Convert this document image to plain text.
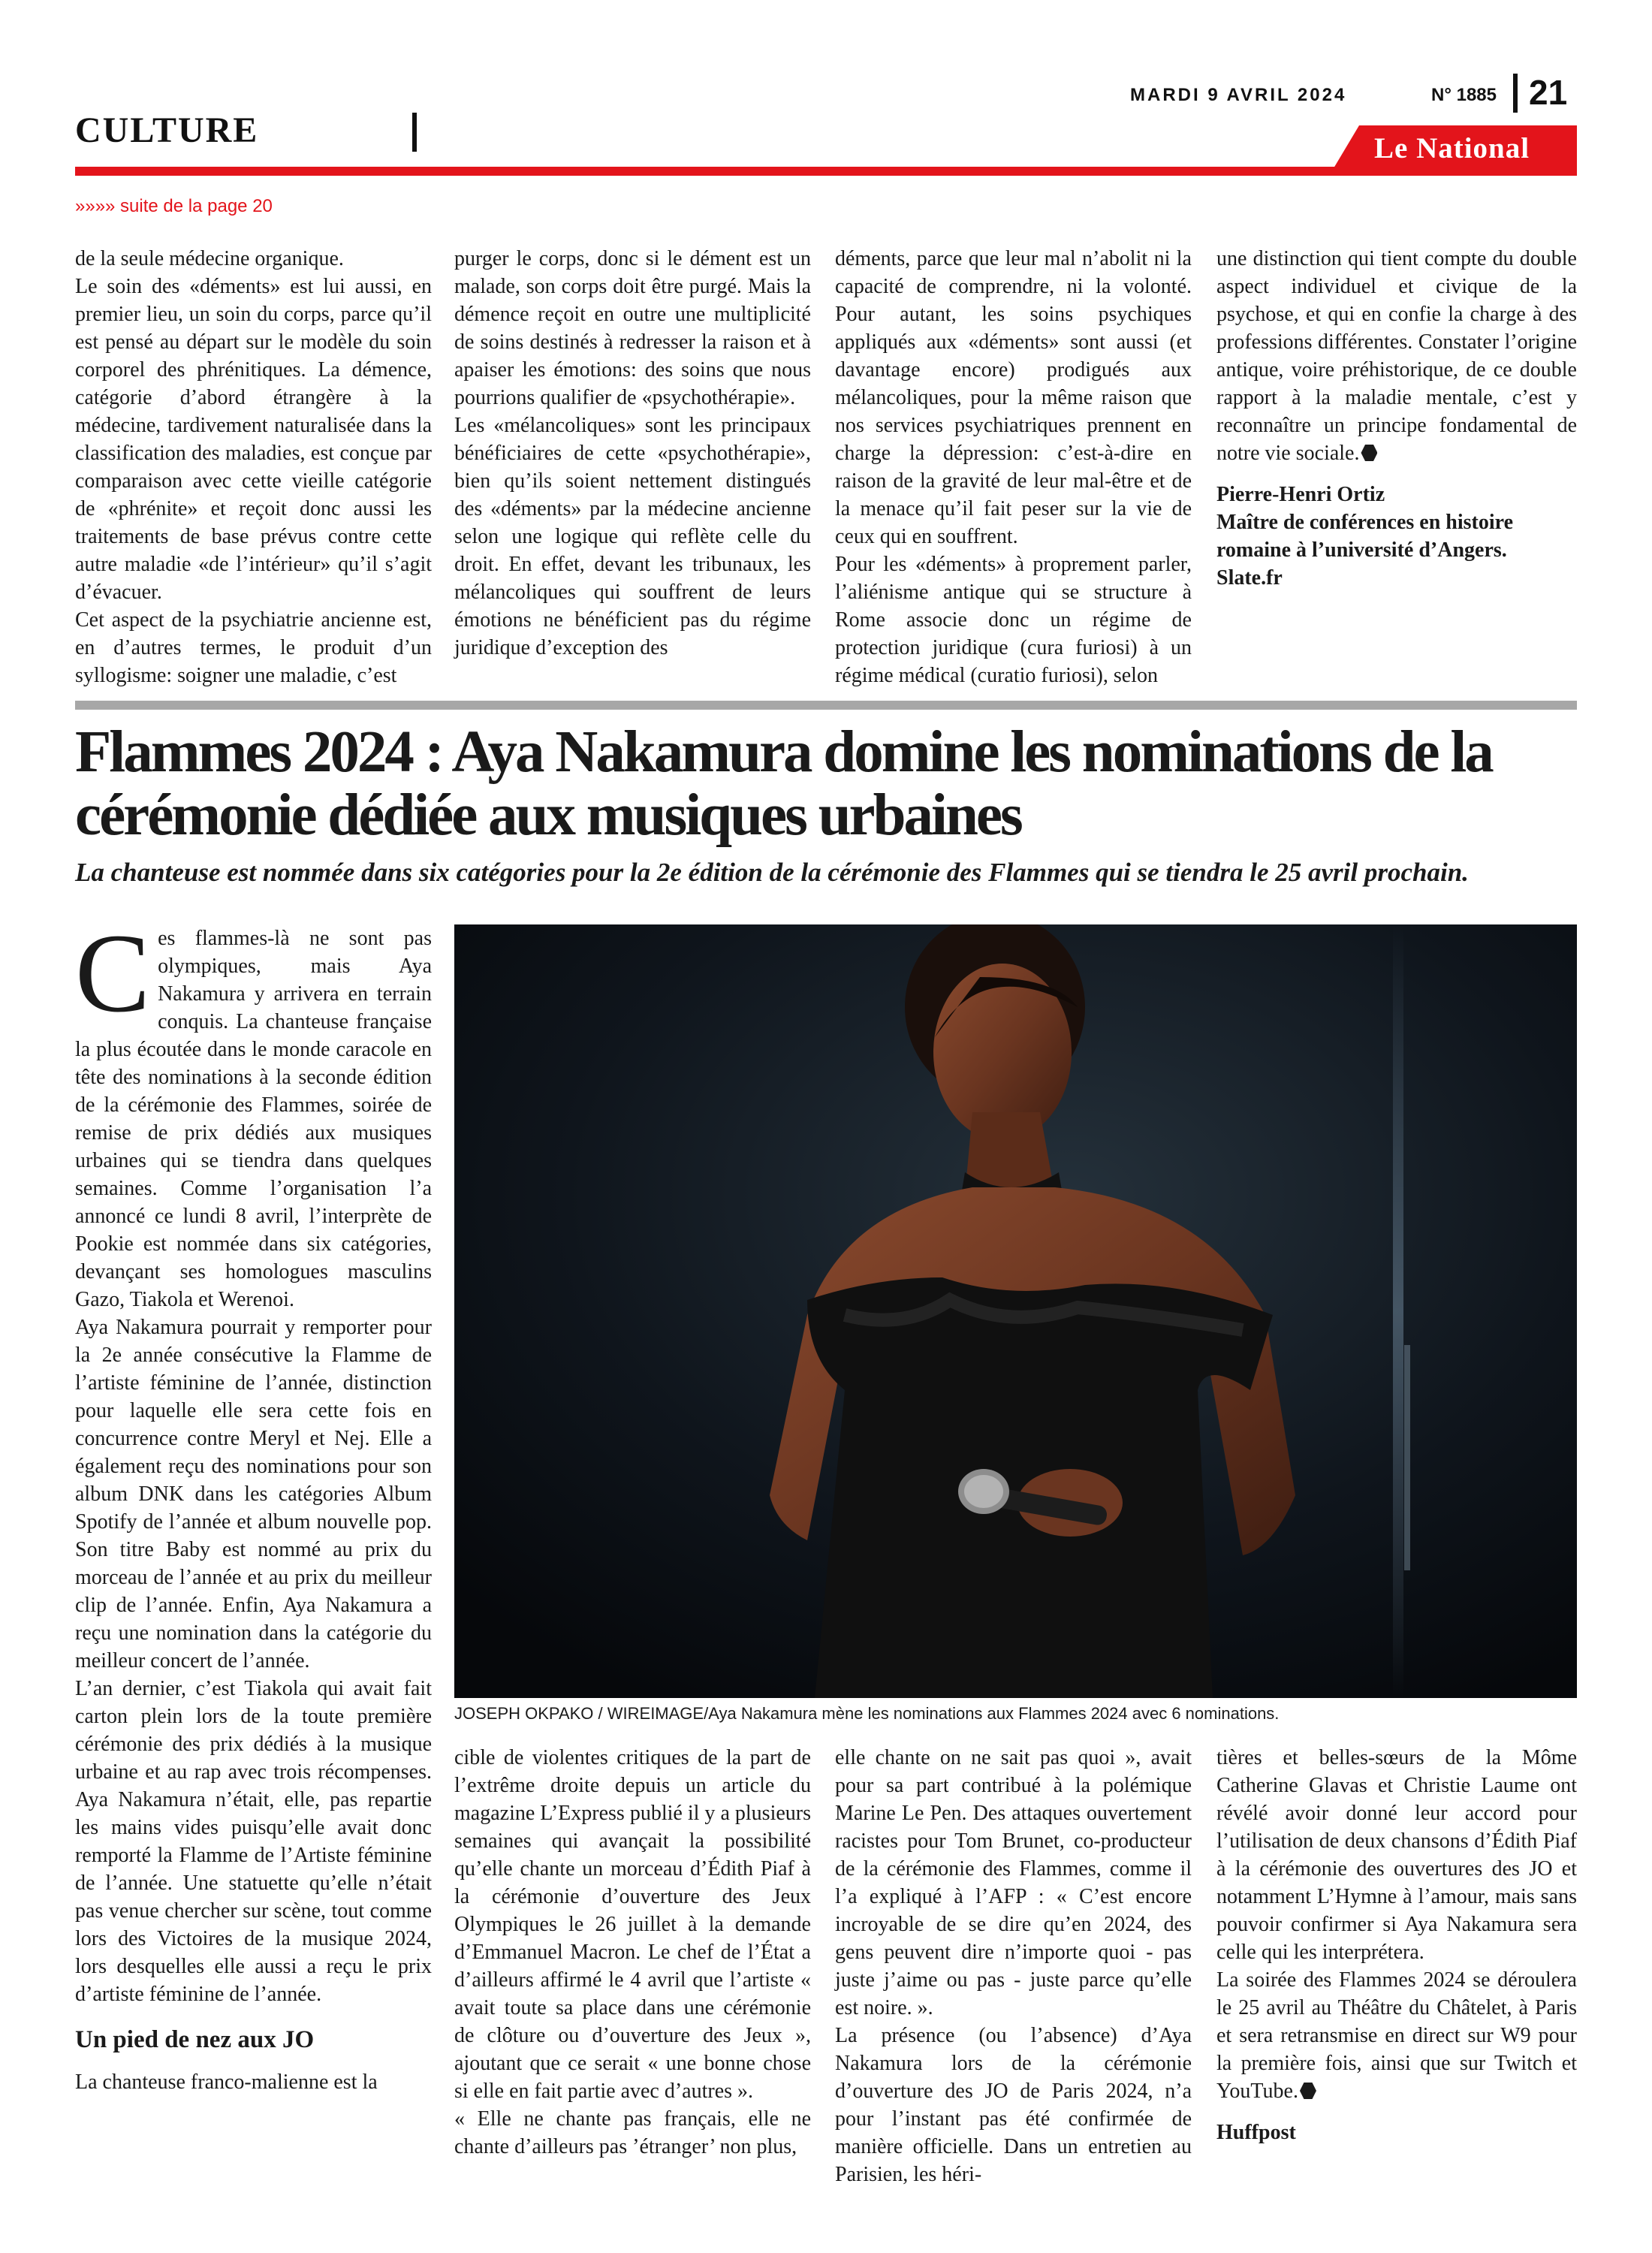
CULTURE
MARDI 9 AVRIL 2024	N° 1885 21
Le National
»»»» suite de la page 20

de la seule médecine organique.

Le soin des «déments» est lui aussi, en premier lieu, un soin du corps, parce qu’il est pensé au départ sur le modèle du soin corporel des phrénitiques. La démence, catégorie d’abord étrangère à la médecine, tardivement naturalisée dans la classification des maladies, est conçue par comparaison avec cette vieille catégorie de «phrénite» et reçoit donc aussi les traitements de base prévus contre cette autre maladie «de l’intérieur» qu’il s’agit d’évacuer.

Cet aspect de la psychiatrie ancienne est, en d’autres termes, le produit d’un syllogisme: soigner une maladie, c’est

purger le corps, donc si le dément est un malade, son corps doit être purgé. Mais la démence reçoit en outre une multiplicité de soins destinés à redresser la raison et à apaiser les émotions: des soins que nous pourrions qualifier de «psychothérapie».

Les «mélancoliques» sont les principaux bénéficiaires de cette «psychothérapie», bien qu’ils soient nettement distingués des «déments» par la médecine ancienne selon une logique qui reflète celle du droit. En effet, devant les tribunaux, les mélancoliques qui souffrent de leurs émotions ne bénéficient pas du régime juridique d’exception des

déments, parce que leur mal n’abolit ni la capacité de comprendre, ni la volonté. Pour autant, les soins psychiques appliqués aux «déments» sont aussi (et davantage encore) prodigués aux mélancoliques, pour la même raison que nos services psychiatriques prennent en charge la dépression: c’est-à-dire en raison de la gravité de leur mal-être et de la menace qu’il fait peser sur la vie de ceux qui en souffrent.

Pour les «déments» à proprement parler, l’aliénisme antique qui se structure à Rome associe donc un régime de protection juridique (cura furiosi) à un régime médical (curatio furiosi), selon

une distinction qui tient compte du double aspect individuel et civique de la psychose, et qui en confie la charge à des professions différentes. Constater l’origine antique, voire préhistorique, de ce double rapport à la maladie mentale, c’est y reconnaître un principe fondamental de notre vie sociale.

Pierre-Henri Ortiz
Maître de conférences en histoire romaine à l’université d’Angers.
Slate.fr
Flammes 2024 : Aya Nakamura domine les nominations de la cérémonie dédiée aux musiques urbaines
La chanteuse est nommée dans six catégories pour la 2e édition de la cérémonie des Flammes qui se tiendra le 25 avril prochain.

Ces flammes-là ne sont pas olympiques, mais Aya Nakamura y arrivera en terrain conquis. La chanteuse française la plus écoutée dans le monde caracole en tête des nominations à la seconde édition de la cérémonie des Flammes, soirée de remise de prix dédiés aux musiques urbaines qui se tiendra dans quelques semaines. Comme l’organisation l’a annoncé ce lundi 8 avril, l’interprète de Pookie est nommée dans six catégories, devançant ses homologues masculins Gazo, Tiakola et Werenoi.

Aya Nakamura pourrait y remporter pour la 2e année consécutive la Flamme de l’artiste féminine de l’année, distinction pour laquelle elle sera cette fois en concurrence contre Meryl et Nej. Elle a également reçu des nominations pour son album DNK dans les catégories Album Spotify de l’année et album nouvelle pop. Son titre Baby est nommé au prix du morceau de l’année et au prix du meilleur clip de l’année. Enfin, Aya Nakamura a reçu une nomination dans la catégorie du meilleur concert de l’année.

L’an dernier, c’est Tiakola qui avait fait carton plein lors de la toute première cérémonie des prix dédiés à la musique urbaine et au rap avec trois récompenses. Aya Nakamura n’était, elle, pas repartie les mains vides puisqu’elle avait donc remporté la Flamme de l’Artiste féminine de l’année. Une statuette qu’elle n’était pas venue chercher sur scène, tout comme lors des Victoires de la musique 2024, lors desquelles elle aussi a reçu le prix d’artiste féminine de l’année.

Un pied de nez aux JO

La chanteuse franco-malienne est la

JOSEPH OKPAKO / WIREIMAGE/Aya Nakamura mène les nominations aux Flammes 2024 avec 6 nominations.

cible de violentes critiques de la part de l’extrême droite depuis un article du magazine L’Express publié il y a plusieurs semaines qui avançait la possibilité qu’elle chante un morceau d’Édith Piaf à la cérémonie d’ouverture des Jeux Olympiques le 26 juillet à la demande d’Emmanuel Macron. Le chef de l’État a d’ailleurs affirmé le 4 avril que l’artiste « avait toute sa place dans une cérémonie de clôture ou d’ouverture des Jeux », ajoutant que ce serait « une bonne chose si elle en fait partie avec d’autres ».

« Elle ne chante pas français, elle ne chante d’ailleurs pas ’étranger’ non plus,

elle chante on ne sait pas quoi », avait pour sa part contribué à la polémique Marine Le Pen. Des attaques ouvertement racistes pour Tom Brunet, co-producteur de la cérémonie des Flammes, comme il l’a expliqué à l’AFP : « C’est encore incroyable de se dire qu’en 2024, des gens peuvent dire n’importe quoi - pas juste j’aime ou pas - juste parce qu’elle est noire. ».

La présence (ou l’absence) d’Aya Nakamura lors de la cérémonie d’ouverture des JO de Paris 2024, n’a pour l’instant pas été confirmée de manière officielle. Dans un entretien au Parisien, les héri-

tières et belles-sœurs de la Môme Catherine Glavas et Christie Laume ont révélé avoir donné leur accord pour l’utilisation de deux chansons d’Édith Piaf à la cérémonie des ouvertures des JO et notamment L’Hymne à l’amour, mais sans pouvoir confirmer si Aya Nakamura sera celle qui les interprétera.

La soirée des Flammes 2024 se déroulera le 25 avril au Théâtre du Châtelet, à Paris et sera retransmise en direct sur W9 pour la première fois, ainsi que sur Twitch et YouTube.

Huffpost
